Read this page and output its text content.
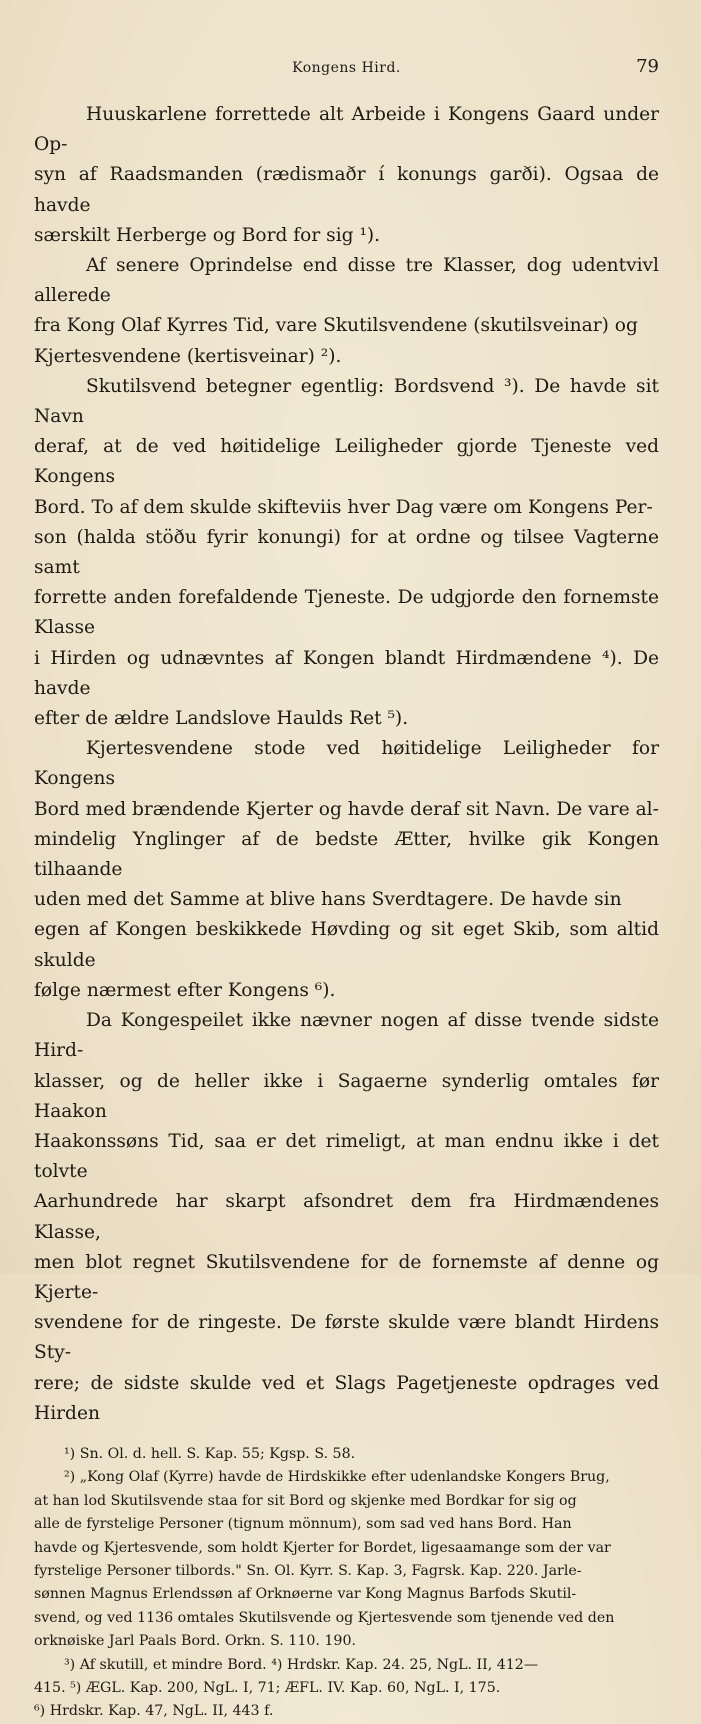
Kongens Hird.	79

Huuskarlene forrettede alt Arbeide i Kongens Gaard under Op-
syn af Raadsmanden (rædismaðr í konungs garði). Ogsaa de havde
særskilt Herberge og Bord for sig ¹).

Af senere Oprindelse end disse tre Klasser, dog udentvivl allerede
fra Kong Olaf Kyrres Tid, vare Skutilsvendene (skutilsveinar) og
Kjertesvendene (kertisveinar) ²).

Skutilsvend betegner egentlig: Bordsvend ³). De havde sit Navn
deraf, at de ved høitidelige Leiligheder gjorde Tjeneste ved Kongens
Bord. To af dem skulde skifteviis hver Dag være om Kongens Per-
son (halda stöðu fyrir konungi) for at ordne og tilsee Vagterne samt
forrette anden forefaldende Tjeneste. De udgjorde den fornemste Klasse
i Hirden og udnævntes af Kongen blandt Hirdmændene ⁴). De havde
efter de ældre Landslove Haulds Ret ⁵).

Kjertesvendene stode ved høitidelige Leiligheder for Kongens
Bord med brændende Kjerter og havde deraf sit Navn. De vare al-
mindelig Ynglinger af de bedste Ætter, hvilke gik Kongen tilhaande
uden med det Samme at blive hans Sverdtagere. De havde sin
egen af Kongen beskikkede Høvding og sit eget Skib, som altid skulde
følge nærmest efter Kongens ⁶).

Da Kongespeilet ikke nævner nogen af disse tvende sidste Hird-
klasser, og de heller ikke i Sagaerne synderlig omtales før Haakon
Haakonssøns Tid, saa er det rimeligt, at man endnu ikke i det tolvte
Aarhundrede har skarpt afsondret dem fra Hirdmændenes Klasse,
men blot regnet Skutilsvendene for de fornemste af denne og Kjerte-
svendene for de ringeste. De første skulde være blandt Hirdens Sty-
rere; de sidste skulde ved et Slags Pagetjeneste opdrages ved Hirden

¹) Sn. Ol. d. hell. S. Kap. 55; Kgsp. S. 58.

²) „Kong Olaf (Kyrre) havde de Hirdskikke efter udenlandske Kongers Brug,
at han lod Skutilsvende staa for sit Bord og skjenke med Bordkar for sig og
alle de fyrstelige Personer (tignum mönnum), som sad ved hans Bord. Han
havde og Kjertesvende, som holdt Kjerter for Bordet, ligesaamange som der var
fyrstelige Personer tilbords." Sn. Ol. Kyrr. S. Kap. 3, Fagrsk. Kap. 220. Jarle-
sønnen Magnus Erlendssøn af Orknøerne var Kong Magnus Barfods Skutil-
svend, og ved 1136 omtales Skutilsvende og Kjertesvende som tjenende ved den
orknøiske Jarl Paals Bord. Orkn. S. 110. 190.

³) Af skutill, et mindre Bord. ⁴) Hrdskr. Kap. 24. 25, NgL. II, 412—
415. ⁵) ÆGL. Kap. 200, NgL. I, 71; ÆFL. IV. Kap. 60, NgL. I, 175.
⁶) Hrdskr. Kap. 47, NgL. II, 443 f.
